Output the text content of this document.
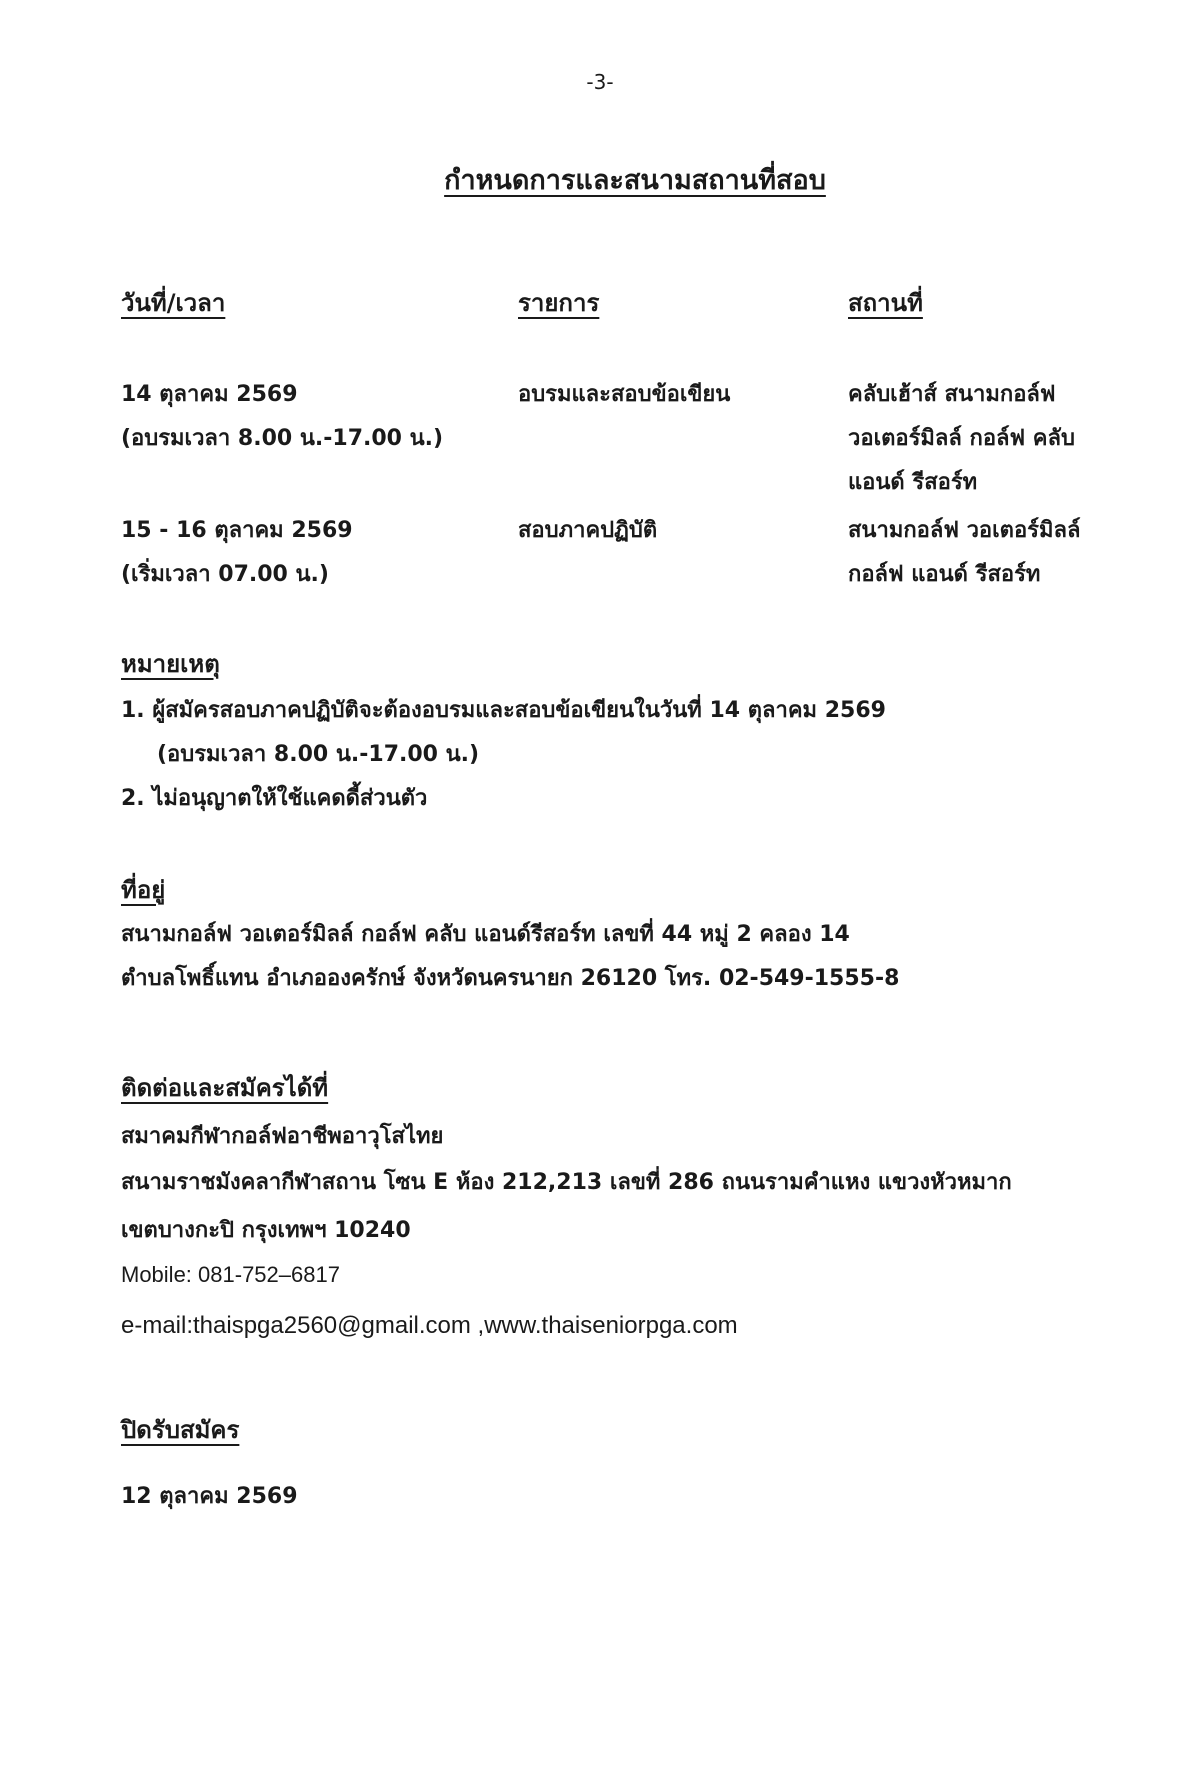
-3-
กำหนดการและสนามสถานที่สอบ
วันที่/เวลา	รายการ	สถานที่
14 ตุลาคม 2569
(อบรมเวลา 8.00 น.-17.00 น.)
อบรมและสอบข้อเขียน	คลับเฮ้าส์ สนามกอล์ฟ
วอเตอร์มิลล์ กอล์ฟ คลับ
แอนด์ รีสอร์ท
15 - 16 ตุลาคม 2569
(เริ่มเวลา 07.00 น.)
สอบภาคปฏิบัติ	สนามกอล์ฟ วอเตอร์มิลล์
กอล์ฟ แอนด์ รีสอร์ท
หมายเหตุ
1. ผู้สมัครสอบภาคปฏิบัติจะต้องอบรมและสอบข้อเขียนในวันที่ 14 ตุลาคม 2569
(อบรมเวลา 8.00 น.-17.00 น.)
2. ไม่อนุญาตให้ใช้แคดดี้ส่วนตัว
ที่อยู่
สนามกอล์ฟ วอเตอร์มิลล์ กอล์ฟ คลับ แอนด์รีสอร์ท เลขที่ 44 หมู่ 2 คลอง 14
ตำบลโพธิ์แทน อำเภอองครักษ์ จังหวัดนครนายก 26120 โทร. 02-549-1555-8
ติดต่อและสมัครได้ที่
สมาคมกีฬากอล์ฟอาชีพอาวุโสไทย
สนามราชมังคลากีฬาสถาน โซน E ห้อง 212,213 เลขที่ 286 ถนนรามคำแหง แขวงหัวหมาก
เขตบางกะปิ กรุงเทพฯ 10240
Mobile: 081-752–6817
e-mail:thaispga2560@gmail.com ,www.thaiseniorpga.com
ปิดรับสมัคร
12 ตุลาคม 2569
